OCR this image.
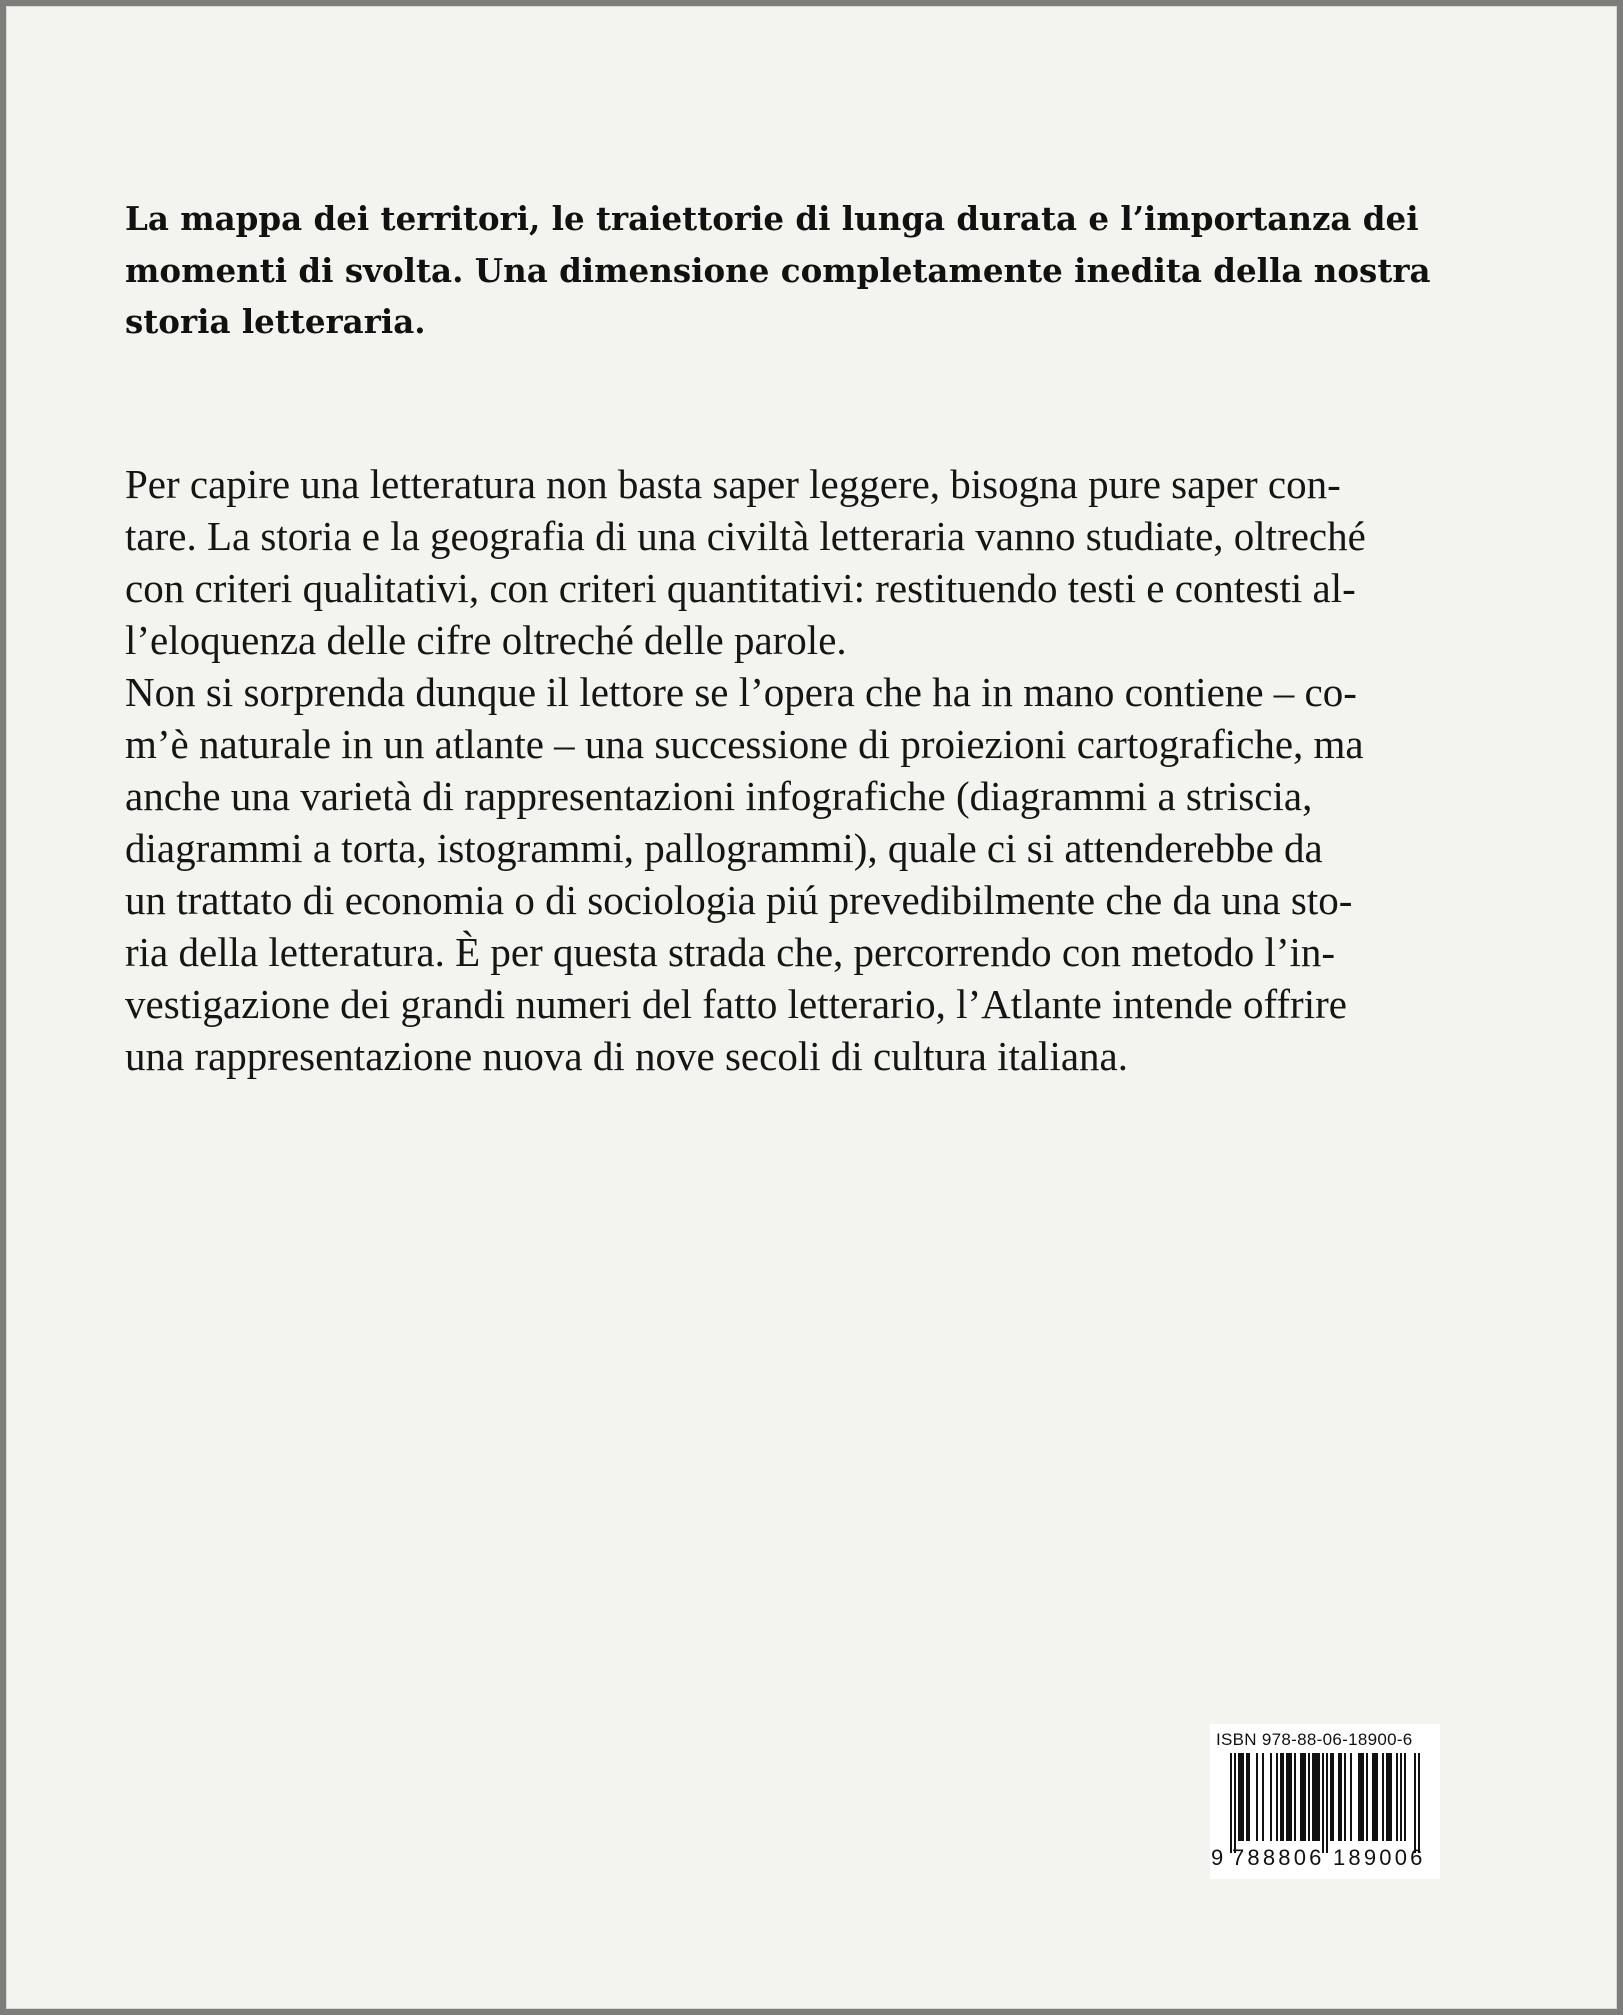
La mappa dei territori, le traiettorie di lunga durata e l’importanza dei momenti di svolta. Una dimensione completamente inedita della nostra storia letteraria.

Per capire una letteratura non basta saper leggere, bisogna pure saper con-
tare. La storia e la geografia di una civiltà letteraria vanno studiate, oltreché
con criteri qualitativi, con criteri quantitativi: restituendo testi e contesti al-
l’eloquenza delle cifre oltreché delle parole.
Non si sorprenda dunque il lettore se l’opera che ha in mano contiene – co-
m’è naturale in un atlante – una successione di proiezioni cartografiche, ma
anche una varietà di rappresentazioni infografiche (diagrammi a striscia,
diagrammi a torta, istogrammi, pallogrammi), quale ci si attenderebbe da
un trattato di economia o di sociologia piú prevedibilmente che da una sto-
ria della letteratura. È per questa strada che, percorrendo con metodo l’in-
vestigazione dei grandi numeri del fatto letterario, l’Atlante intende offrire
una rappresentazione nuova di nove secoli di cultura italiana.
ISBN 978-88-06-18900-6
9 788806 189006
